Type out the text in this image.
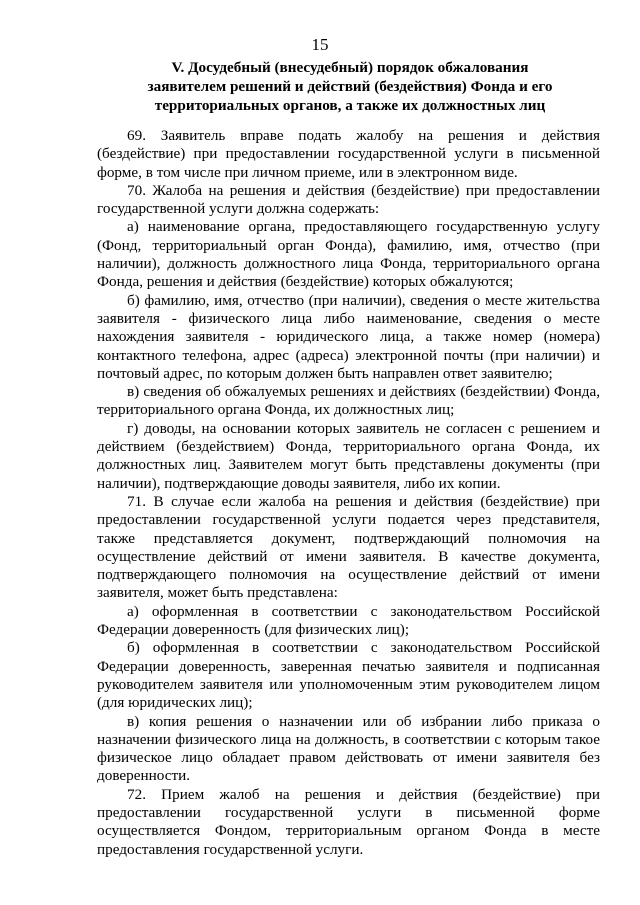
15
V. Досудебный (внесудебный) порядок обжалования
заявителем решений и действий (бездействия) Фонда и его
территориальных органов, а также их должностных лиц

69. Заявитель вправе подать жалобу на решения и действия (бездействие) при предоставлении государственной услуги в письменной форме, в том числе при личном приеме, или в электронном виде.

70. Жалоба на решения и действия (бездействие) при предоставлении государственной услуги должна содержать:

а) наименование органа, предоставляющего государственную услугу (Фонд, территориальный орган Фонда), фамилию, имя, отчество (при наличии), должность должностного лица Фонда, территориального органа Фонда, решения и действия (бездействие) которых обжалуются;

б) фамилию, имя, отчество (при наличии), сведения о месте жительства заявителя - физического лица либо наименование, сведения о месте нахождения заявителя - юридического лица, а также номер (номера) контактного телефона, адрес (адреса) электронной почты (при наличии) и почтовый адрес, по которым должен быть направлен ответ заявителю;

в) сведения об обжалуемых решениях и действиях (бездействии) Фонда, территориального органа Фонда, их должностных лиц;

г) доводы, на основании которых заявитель не согласен с решением и действием (бездействием) Фонда, территориального органа Фонда, их должностных лиц. Заявителем могут быть представлены документы (при наличии), подтверждающие доводы заявителя, либо их копии.

71. В случае если жалоба на решения и действия (бездействие) при предоставлении государственной услуги подается через представителя, также представляется документ, подтверждающий полномочия на осуществление действий от имени заявителя. В качестве документа, подтверждающего полномочия на осуществление действий от имени заявителя, может быть представлена:

а) оформленная в соответствии с законодательством Российской Федерации доверенность (для физических лиц);

б) оформленная в соответствии с законодательством Российской Федерации доверенность, заверенная печатью заявителя и подписанная руководителем заявителя или уполномоченным этим руководителем лицом (для юридических лиц);

в) копия решения о назначении или об избрании либо приказа о назначении физического лица на должность, в соответствии с которым такое физическое лицо обладает правом действовать от имени заявителя без доверенности.

72. Прием жалоб на решения и действия (бездействие) при предоставлении государственной услуги в письменной форме осуществляется Фондом, территориальным органом Фонда в месте предоставления государственной услуги.
